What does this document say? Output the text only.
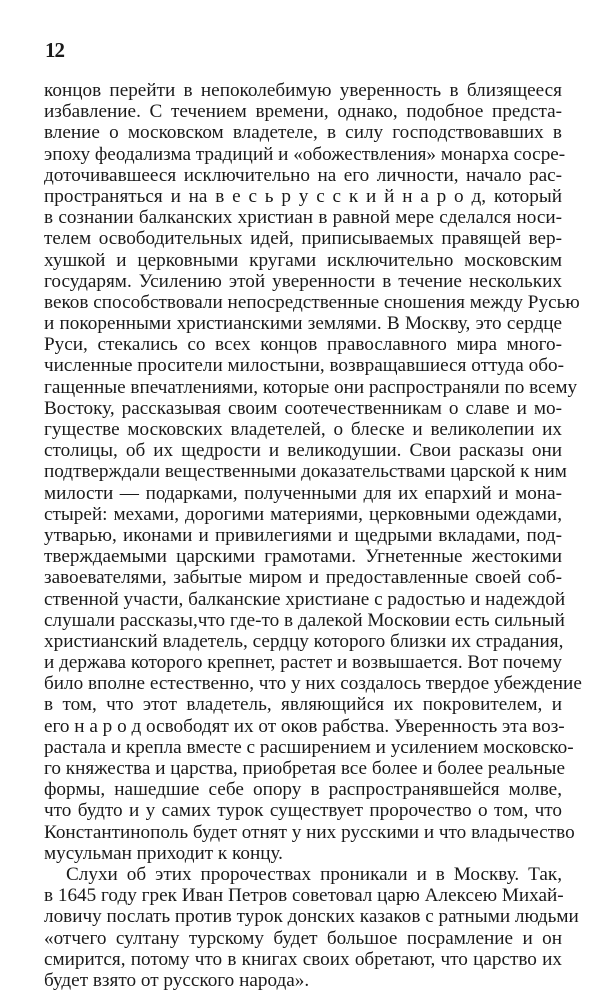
12
концов перейти в непоколебимую уверенность в близящееся
избавление. С течением времени, однако, подобное предста-
вление о московском владетеле, в силу господствовавших в
эпоху феодализма традиций и «обожествления» монарха сосре-
доточивавшееся исключительно на его личности, начало рас-
пространяться и на в е с ь р у с с к и й н а р о д, который
в сознании балканских христиан в равной мере сделался носи-
телем освободительных идей, приписываемых правящей вер-
хушкой и церковными кругами исключительно московским
государям. Усилению этой уверенности в течение нескольких
веков способствовали непосредственные сношения между Русью
и покоренными христианскими землями. В Москву, это сердце
Руси, стекались со всех концов православного мира много-
численные просители милостыни, возвращавшиеся оттуда обо-
гащенные впечатлениями, которые они распространяли по всему
Востоку, рассказывая своим соотечественникам о славе и мо-
гуществе московских владетелей, о блеске и великолепии их
столицы, об их щедрости и великодушии. Свои расказы они
подтверждали вещественными доказательствами царской к ним
милости — подарками, полученными для их епархий и мона-
стырей: мехами, дорогими материями, церковными одеждами,
утварью, иконами и привилегиями и щедрыми вкладами, под-
тверждаемыми царскими грамотами. Угнетенные жестокими
завоевателями, забытые миром и предоставленные своей соб-
ственной участи, балканские христиане с радостью и надеждой
слушали рассказы,что где-то в далекой Московии есть сильный
христианский владетель, сердцу которого близки их страдания,
и держава которого крепнет, растет и возвышается. Вот почему
било вполне естественно, что у них создалось твердое убеждение
в том, что этот владетель, являющийся их покровителем, и
его н а р о д освободят их от оков рабства. Уверенность эта воз-
растала и крепла вместе с расширением и усилением московско-
го княжества и царства, приобретая все более и более реальные
формы, нашедшие себе опору в распространявшейся молве,
что будто и у самих турок существует пророчество о том, что
Константинополь будет отнят у них русскими и что владычество
мусульман приходит к концу.
Слухи об этих пророчествах проникали и в Москву. Так,
в 1645 году грек Иван Петров советовал царю Алексею Михай-
ловичу послать против турок донских казаков с ратными людьми
«отчего султану турскому будет большое посрамление и он
смирится, потому что в книгах своих обретают, что царство их
будет взято от русского народа».
